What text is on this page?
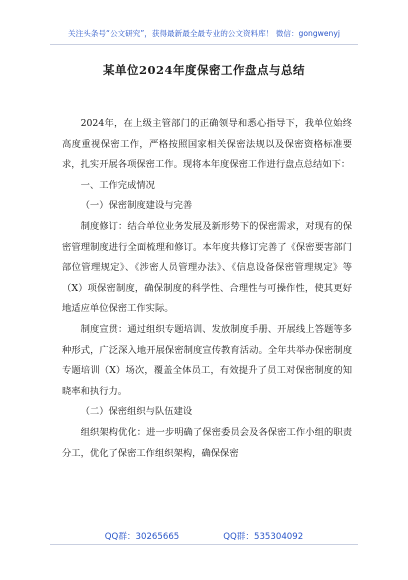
关注头条号“公文研究”，获得最新最全最专业的公文资料库！ 微信：gongwenyj
某单位2024年度保密工作盘点与总结

2024年，在上级主管部门的正确领导和悉心指导下，我单位始终高度重视保密工作，严格按照国家相关保密法规以及保密资格标准要求，扎实开展各项保密工作。现将本年度保密工作进行盘点总结如下：

一、工作完成情况

（一）保密制度建设与完善

制度修订：结合单位业务发展及新形势下的保密需求，对现有的保密管理制度进行全面梳理和修订。本年度共修订完善了《保密要害部门部位管理规定》、《涉密人员管理办法》、《信息设备保密管理规定》等（X）项保密制度，确保制度的科学性、合理性与可操作性，使其更好地适应单位保密工作实际。

制度宣贯：通过组织专题培训、发放制度手册、开展线上答题等多种形式，广泛深入地开展保密制度宣传教育活动。全年共举办保密制度专题培训（X）场次，覆盖全体员工，有效提升了员工对保密制度的知晓率和执行力。

（二）保密组织与队伍建设

组织架构优化：进一步明确了保密委员会及各保密工作小组的职责分工，优化了保密工作组织架构，确保保密

QQ群：30265665	QQ群：535304092
